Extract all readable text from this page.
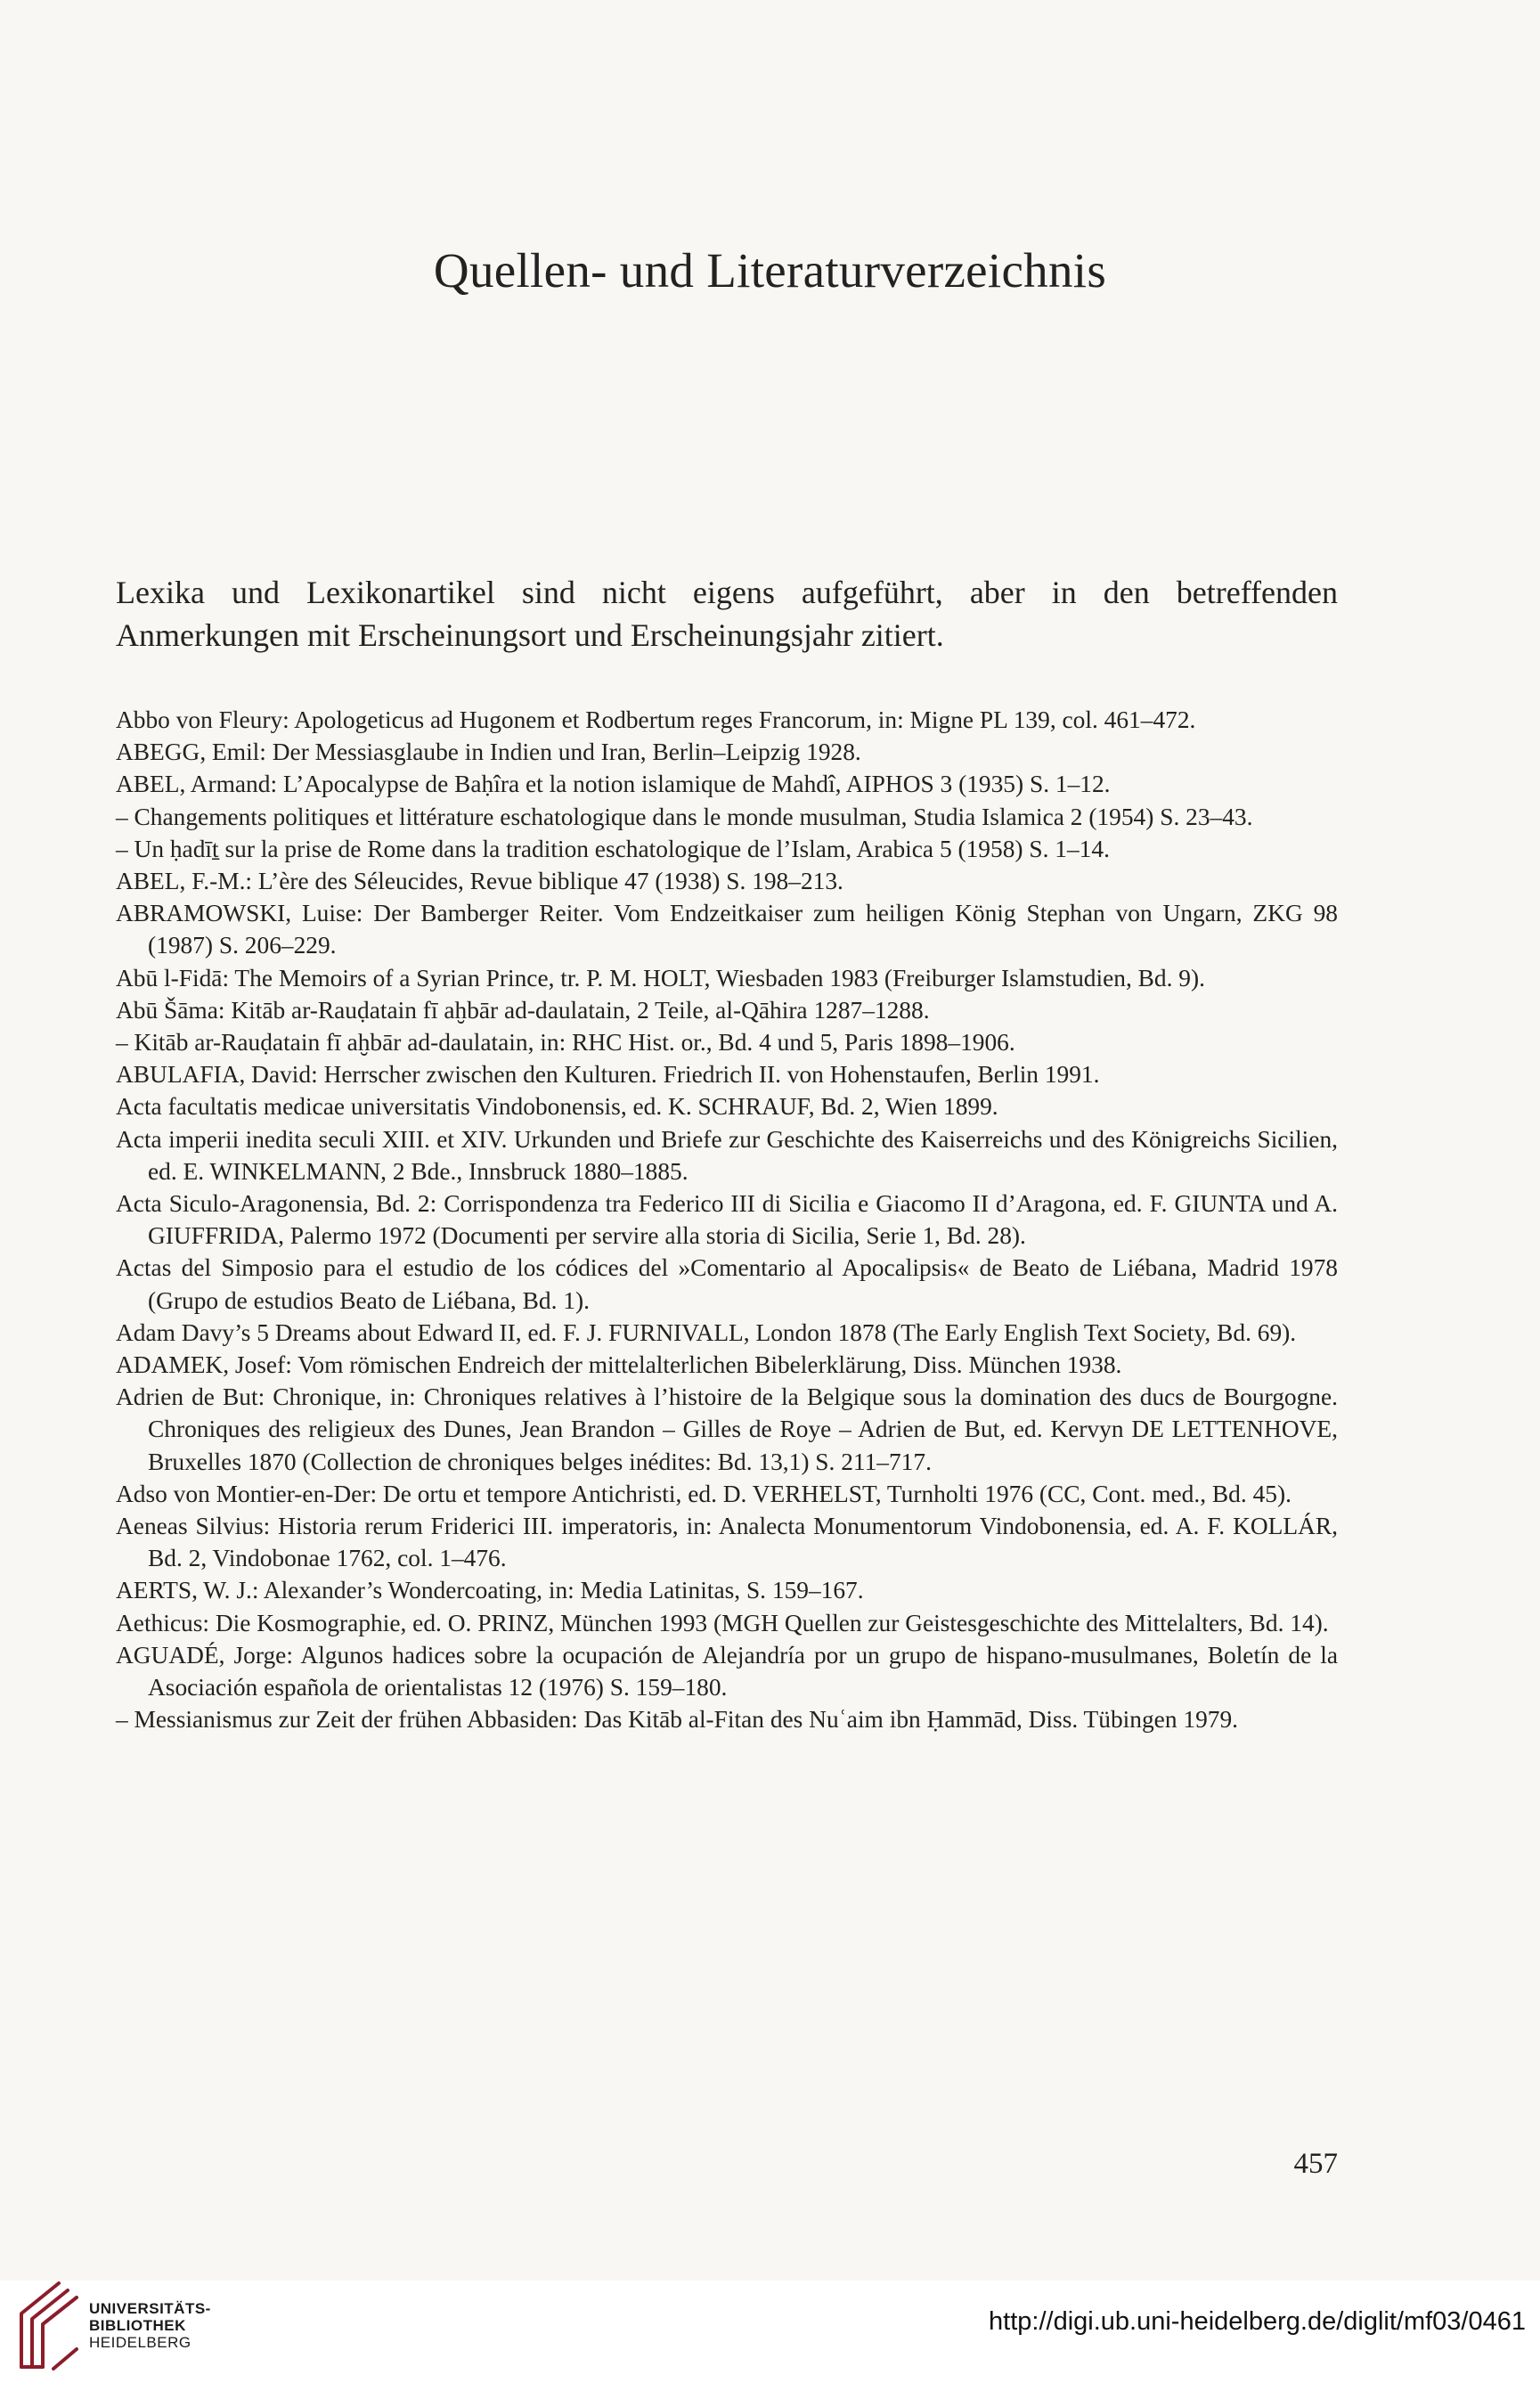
Quellen- und Literaturverzeichnis

Lexika und Lexikonartikel sind nicht eigens aufgeführt, aber in den betreffenden Anmerkungen mit Erscheinungsort und Erscheinungsjahr zitiert.

Abbo von Fleury: Apologeticus ad Hugonem et Rodbertum reges Francorum, in: Migne PL 139, col. 461–472.

ABEGG, Emil: Der Messiasglaube in Indien und Iran, Berlin–Leipzig 1928.

ABEL, Armand: L’Apocalypse de Baḥîra et la notion islamique de Mahdî, AIPHOS 3 (1935) S. 1–12.

– Changements politiques et littérature eschatologique dans le monde musulman, Studia Islamica 2 (1954) S. 23–43.

– Un ḥadīṯ sur la prise de Rome dans la tradition eschatologique de l’Islam, Arabica 5 (1958) S. 1–14.

ABEL, F.-M.: L’ère des Séleucides, Revue biblique 47 (1938) S. 198–213.

ABRAMOWSKI, Luise: Der Bamberger Reiter. Vom Endzeitkaiser zum heiligen König Stephan von Ungarn, ZKG 98 (1987) S. 206–229.

Abū l-Fidā: The Memoirs of a Syrian Prince, tr. P. M. HOLT, Wiesbaden 1983 (Freiburger Islamstudien, Bd. 9).

Abū Šāma: Kitāb ar-Rauḍatain fī aḫbār ad-daulatain, 2 Teile, al-Qāhira 1287–1288.

– Kitāb ar-Rauḍatain fī aḫbār ad-daulatain, in: RHC Hist. or., Bd. 4 und 5, Paris 1898–1906.

ABULAFIA, David: Herrscher zwischen den Kulturen. Friedrich II. von Hohenstaufen, Berlin 1991.

Acta facultatis medicae universitatis Vindobonensis, ed. K. SCHRAUF, Bd. 2, Wien 1899.

Acta imperii inedita seculi XIII. et XIV. Urkunden und Briefe zur Geschichte des Kaiserreichs und des Königreichs Sicilien, ed. E. WINKELMANN, 2 Bde., Innsbruck 1880–1885.

Acta Siculo-Aragonensia, Bd. 2: Corrispondenza tra Federico III di Sicilia e Giacomo II d’Aragona, ed. F. GIUNTA und A. GIUFFRIDA, Palermo 1972 (Documenti per servire alla storia di Sicilia, Serie 1, Bd. 28).

Actas del Simposio para el estudio de los códices del »Comentario al Apocalipsis« de Beato de Liébana, Madrid 1978 (Grupo de estudios Beato de Liébana, Bd. 1).

Adam Davy’s 5 Dreams about Edward II, ed. F. J. FURNIVALL, London 1878 (The Early English Text Society, Bd. 69).

ADAMEK, Josef: Vom römischen Endreich der mittelalterlichen Bibelerklärung, Diss. München 1938.

Adrien de But: Chronique, in: Chroniques relatives à l’histoire de la Belgique sous la domination des ducs de Bourgogne. Chroniques des religieux des Dunes, Jean Brandon – Gilles de Roye – Adrien de But, ed. Kervyn DE LETTENHOVE, Bruxelles 1870 (Collection de chroniques belges inédites: Bd. 13,1) S. 211–717.

Adso von Montier-en-Der: De ortu et tempore Antichristi, ed. D. VERHELST, Turnholti 1976 (CC, Cont. med., Bd. 45).

Aeneas Silvius: Historia rerum Friderici III. imperatoris, in: Analecta Monumentorum Vindobonensia, ed. A. F. KOLLÁR, Bd. 2, Vindobonae 1762, col. 1–476.

AERTS, W. J.: Alexander’s Wondercoating, in: Media Latinitas, S. 159–167.

Aethicus: Die Kosmographie, ed. O. PRINZ, München 1993 (MGH Quellen zur Geistesgeschichte des Mittelalters, Bd. 14).

AGUADÉ, Jorge: Algunos hadices sobre la ocupación de Alejandría por un grupo de hispano-musulmanes, Boletín de la Asociación española de orientalistas 12 (1976) S. 159–180.

– Messianismus zur Zeit der frühen Abbasiden: Das Kitāb al-Fitan des Nuʿaim ibn Ḥammād, Diss. Tübingen 1979.

457
UNIVERSITÄTS-
BIBLIOTHEK
HEIDELBERG
http://digi.ub.uni-heidelberg.de/diglit/mf03/0461
